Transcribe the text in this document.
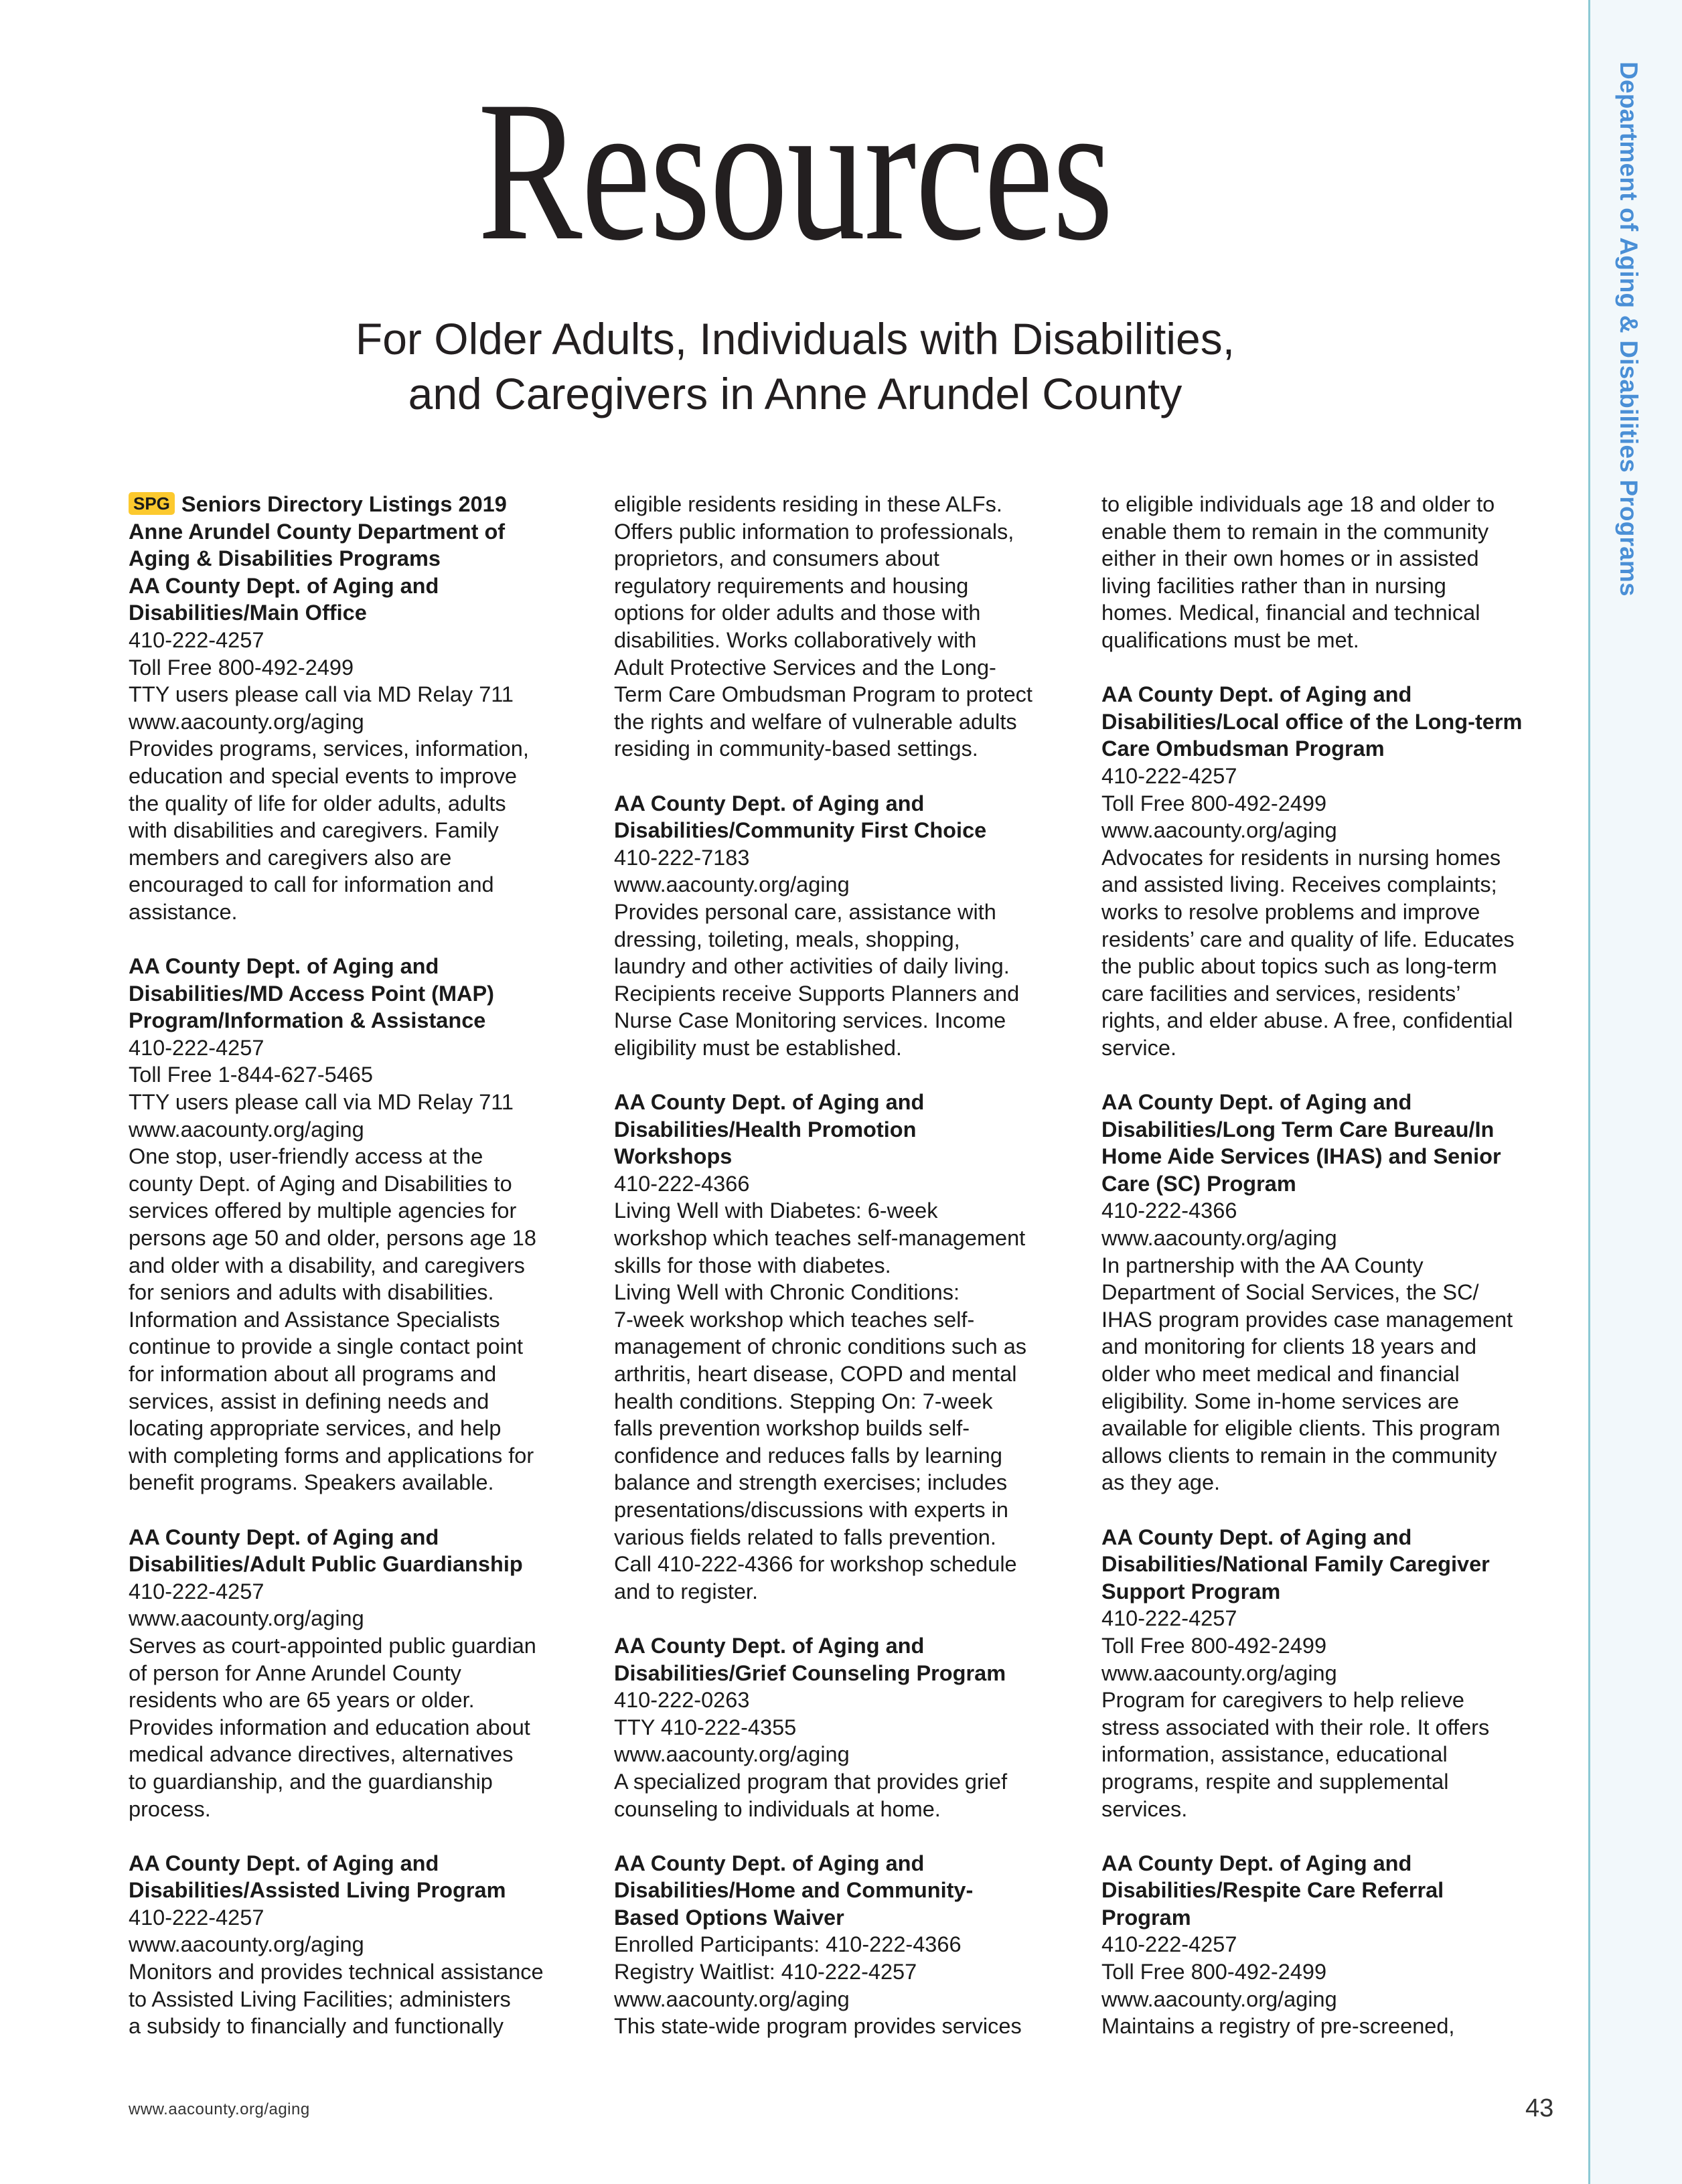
Department of Aging & Disabilities Programs
Resources
For Older Adults, Individuals with Disabilities,
and Caregivers in Anne Arundel County
SPG Seniors Directory Listings 2019
Anne Arundel County Department of
Aging & Disabilities Programs
AA County Dept. of Aging and
Disabilities/Main Office
410-222-4257
Toll Free 800-492-2499
TTY users please call via MD Relay 711
www.aacounty.org/aging
Provides programs, services, information,
education and special events to improve
the quality of life for older adults, adults
with disabilities and caregivers. Family
members and caregivers also are
encouraged to call for information and
assistance.
AA County Dept. of Aging and
Disabilities/MD Access Point (MAP)
Program/Information & Assistance
410-222-4257
Toll Free 1-844-627-5465
TTY users please call via MD Relay 711
www.aacounty.org/aging
One stop, user-friendly access at the
county Dept. of Aging and Disabilities to
services offered by multiple agencies for
persons age 50 and older, persons age 18
and older with a disability, and caregivers
for seniors and adults with disabilities.
Information and Assistance Specialists
continue to provide a single contact point
for information about all programs and
services, assist in defining needs and
locating appropriate services, and help
with completing forms and applications for
benefit programs. Speakers available.
AA County Dept. of Aging and
Disabilities/Adult Public Guardianship
410-222-4257
www.aacounty.org/aging
Serves as court-appointed public guardian
of person for Anne Arundel County
residents who are 65 years or older.
Provides information and education about
medical advance directives, alternatives
to guardianship, and the guardianship
process.
AA County Dept. of Aging and
Disabilities/Assisted Living Program
410-222-4257
www.aacounty.org/aging
Monitors and provides technical assistance
to Assisted Living Facilities; administers
a subsidy to financially and functionally
eligible residents residing in these ALFs.
Offers public information to professionals,
proprietors, and consumers about
regulatory requirements and housing
options for older adults and those with
disabilities. Works collaboratively with
Adult Protective Services and the Long-
Term Care Ombudsman Program to protect
the rights and welfare of vulnerable adults
residing in community-based settings.
AA County Dept. of Aging and
Disabilities/Community First Choice
410-222-7183
www.aacounty.org/aging
Provides personal care, assistance with
dressing, toileting, meals, shopping,
laundry and other activities of daily living.
Recipients receive Supports Planners and
Nurse Case Monitoring services. Income
eligibility must be established.
AA County Dept. of Aging and
Disabilities/Health Promotion
Workshops
410-222-4366
Living Well with Diabetes: 6-week
workshop which teaches self-management
skills for those with diabetes.
Living Well with Chronic Conditions:
7-week workshop which teaches self-
management of chronic conditions such as
arthritis, heart disease, COPD and mental
health conditions. Stepping On: 7-week
falls prevention workshop builds self-
confidence and reduces falls by learning
balance and strength exercises; includes
presentations/discussions with experts in
various fields related to falls prevention.
Call 410-222-4366 for workshop schedule
and to register.
AA County Dept. of Aging and
Disabilities/Grief Counseling Program
410-222-0263
TTY 410-222-4355
www.aacounty.org/aging
A specialized program that provides grief
counseling to individuals at home.
AA County Dept. of Aging and
Disabilities/Home and Community-
Based Options Waiver
Enrolled Participants: 410-222-4366
Registry Waitlist: 410-222-4257
www.aacounty.org/aging
This state-wide program provides services
to eligible individuals age 18 and older to
enable them to remain in the community
either in their own homes or in assisted
living facilities rather than in nursing
homes. Medical, financial and technical
qualifications must be met.
AA County Dept. of Aging and
Disabilities/Local office of the Long-term
Care Ombudsman Program
410-222-4257
Toll Free 800-492-2499
www.aacounty.org/aging
Advocates for residents in nursing homes
and assisted living. Receives complaints;
works to resolve problems and improve
residents’ care and quality of life. Educates
the public about topics such as long-term
care facilities and services, residents’
rights, and elder abuse. A free, confidential
service.
AA County Dept. of Aging and
Disabilities/Long Term Care Bureau/In
Home Aide Services (IHAS) and Senior
Care (SC) Program
410-222-4366
www.aacounty.org/aging
In partnership with the AA County
Department of Social Services, the SC/
IHAS program provides case management
and monitoring for clients 18 years and
older who meet medical and financial
eligibility. Some in-home services are
available for eligible clients. This program
allows clients to remain in the community
as they age.
AA County Dept. of Aging and
Disabilities/National Family Caregiver
Support Program
410-222-4257
Toll Free 800-492-2499
www.aacounty.org/aging
Program for caregivers to help relieve
stress associated with their role. It offers
information, assistance, educational
programs, respite and supplemental
services.
AA County Dept. of Aging and
Disabilities/Respite Care Referral
Program
410-222-4257
Toll Free 800-492-2499
www.aacounty.org/aging
Maintains a registry of pre-screened,
www.aacounty.org/aging	43
